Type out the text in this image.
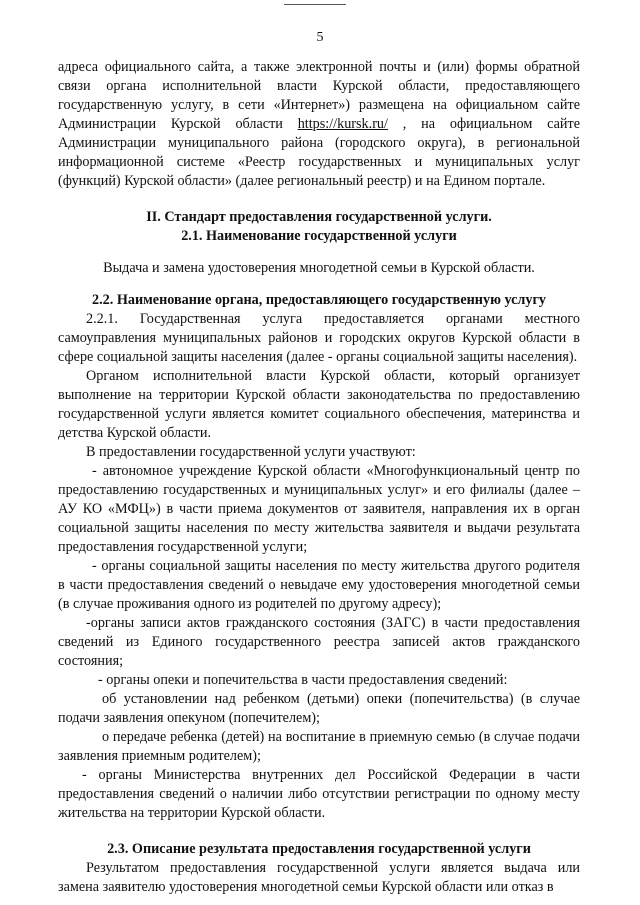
5

адреса официального сайта, а также электронной почты и (или) формы обратной связи органа исполнительной власти Курской области, предоставляющего государственную услугу, в сети «Интернет») размещена на официальном сайте Администрации Курской области https://kursk.ru/ , на официальном сайте Администрации муниципального района (городского округа), в региональной информационной системе «Реестр государственных и муниципальных услуг (функций) Курской области» (далее региональный реестр) и на Едином портале.

II. Стандарт предоставления государственной услуги.

2.1. Наименование государственной услуги

Выдача и замена удостоверения многодетной семьи в Курской области.

2.2. Наименование органа, предоставляющего государственную услугу

2.2.1. Государственная услуга предоставляется органами местного самоуправления муниципальных районов и городских округов Курской области в сфере социальной защиты населения (далее - органы социальной защиты населения).

Органом исполнительной власти Курской области, который организует выполнение на территории Курской области законодательства по предоставлению государственной услуги является комитет социального обеспечения, материнства и детства Курской области.

В предоставлении государственной услуги участвуют:

- автономное учреждение Курской области «Многофункциональный центр по предоставлению государственных и муниципальных услуг» и его филиалы (далее – АУ КО «МФЦ») в части приема документов от заявителя, направления их в орган социальной защиты населения по месту жительства заявителя и выдачи результата предоставления государственной услуги;

- органы социальной защиты населения по месту жительства другого родителя в части предоставления сведений о невыдаче ему удостоверения многодетной семьи (в случае проживания одного из родителей по другому адресу);

-органы записи актов гражданского состояния (ЗАГС) в части предоставления сведений из Единого государственного реестра записей актов гражданского состояния;

- органы опеки и попечительства в части предоставления сведений:

об установлении над ребенком (детьми) опеки (попечительства) (в случае подачи заявления опекуном (попечителем);

о передаче ребенка (детей) на воспитание в приемную семью (в случае подачи заявления приемным родителем);

- органы Министерства внутренних дел Российской Федерации в части предоставления сведений о наличии либо отсутствии регистрации по одному месту жительства на территории Курской области.

2.3. Описание результата предоставления государственной услуги

Результатом предоставления государственной услуги является выдача или замена заявителю удостоверения многодетной семьи Курской области или отказ в
